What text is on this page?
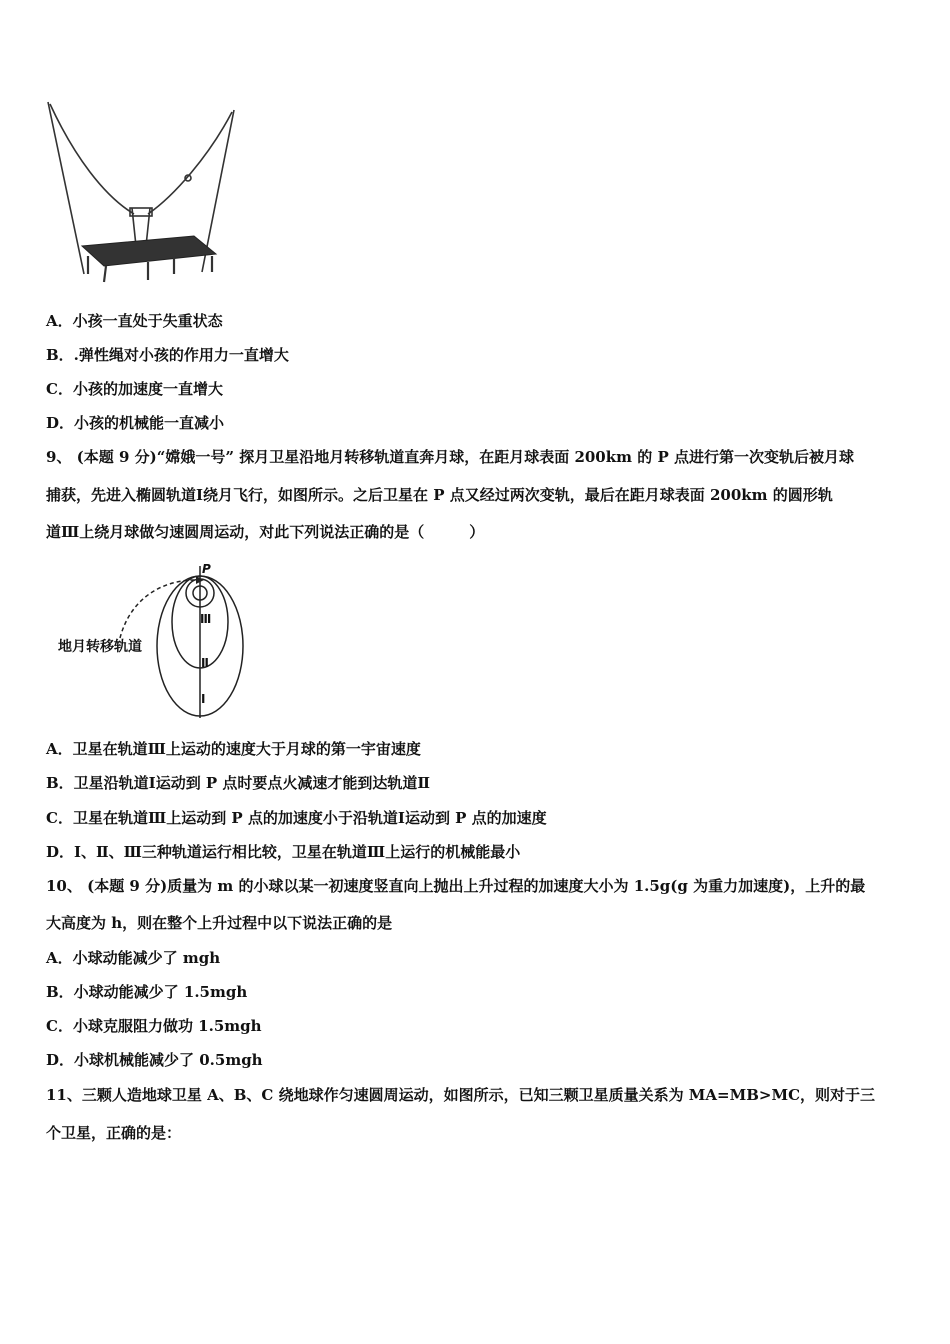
A．小孩一直处于失重状态
B．.弹性绳对小孩的作用力一直增大
C．小孩的加速度一直增大
D．小孩的机械能一直减小
9、 (本题 9 分)“嫦娥一号” 探月卫星沿地月转移轨道直奔月球，在距月球表面 200km 的 P 点进行第一次变轨后被月球
捕获，先进入椭圆轨道Ⅰ绕月飞行，如图所示。之后卫星在 P 点又经过两次变轨，最后在距月球表面 200km 的圆形轨
道Ⅲ上绕月球做匀速圆周运动，对此下列说法正确的是（　　　）
地月转移轨道
P
Ⅲ
Ⅱ
Ⅰ
A．卫星在轨道Ⅲ上运动的速度大于月球的第一宇宙速度
B．卫星沿轨道Ⅰ运动到 P 点时要点火减速才能到达轨道Ⅱ
C．卫星在轨道Ⅲ上运动到 P 点的加速度小于沿轨道Ⅰ运动到 P 点的加速度
D．Ⅰ、Ⅱ、Ⅲ三种轨道运行相比较，卫星在轨道Ⅲ上运行的机械能最小
10、 (本题 9 分)质量为 m 的小球以某一初速度竖直向上抛出上升过程的加速度大小为 1.5g(g 为重力加速度)，上升的最
大高度为 h，则在整个上升过程中以下说法正确的是
A．小球动能减少了 mgh
B．小球动能减少了 1.5mgh
C．小球克服阻力做功 1.5mgh
D．小球机械能减少了 0.5mgh
11、三颗人造地球卫星 A、B、C 绕地球作匀速圆周运动，如图所示，已知三颗卫星质量关系为 MA=MB>MC，则对于三
个卫星，正确的是：
